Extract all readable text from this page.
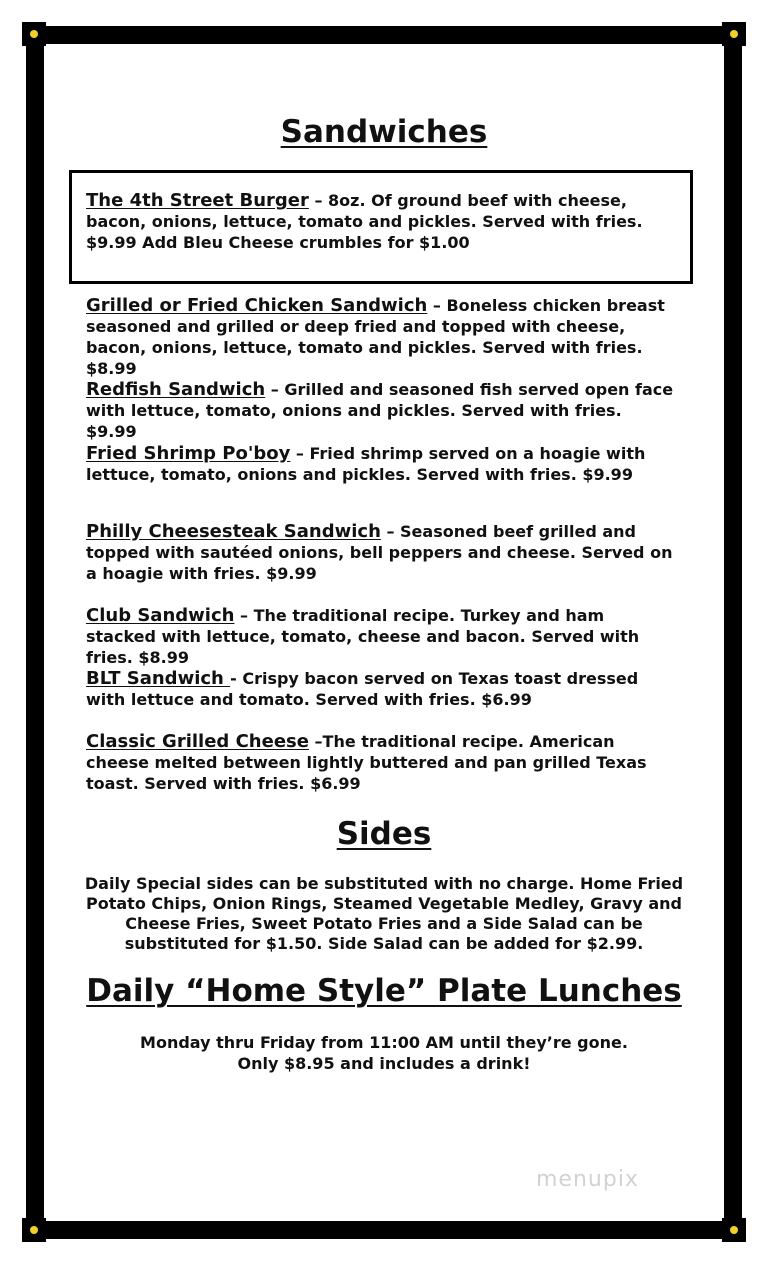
Sandwiches
The 4th Street Burger – 8oz. Of ground beef with cheese, bacon, onions, lettuce, tomato and pickles. Served with fries. $9.99 Add Bleu Cheese crumbles for $1.00
Grilled or Fried Chicken Sandwich – Boneless chicken breast seasoned and grilled or deep fried and topped with cheese, bacon, onions, lettuce, tomato and pickles. Served with fries. $8.99
Redfish Sandwich – Grilled and seasoned fish served open face with lettuce, tomato, onions and pickles. Served with fries. $9.99
Fried Shrimp Po'boy – Fried shrimp served on a hoagie with lettuce, tomato, onions and pickles. Served with fries. $9.99
Philly Cheesesteak Sandwich – Seasoned beef grilled and topped with sautéed onions, bell peppers and cheese. Served on a hoagie with fries. $9.99
Club Sandwich – The traditional recipe. Turkey and ham stacked with lettuce, tomato, cheese and bacon. Served with fries. $8.99
BLT Sandwich - Crispy bacon served on Texas toast dressed with lettuce and tomato. Served with fries. $6.99
Classic Grilled Cheese –The traditional recipe. American cheese melted between lightly buttered and pan grilled Texas toast. Served with fries. $6.99
Sides
Daily Special sides can be substituted with no charge. Home Fried Potato Chips, Onion Rings, Steamed Vegetable Medley, Gravy and Cheese Fries, Sweet Potato Fries and a Side Salad can be substituted for $1.50. Side Salad can be added for $2.99.
Daily “Home Style” Plate Lunches
Monday thru Friday from 11:00 AM until they’re gone.
Only $8.95 and includes a drink!
menupix
